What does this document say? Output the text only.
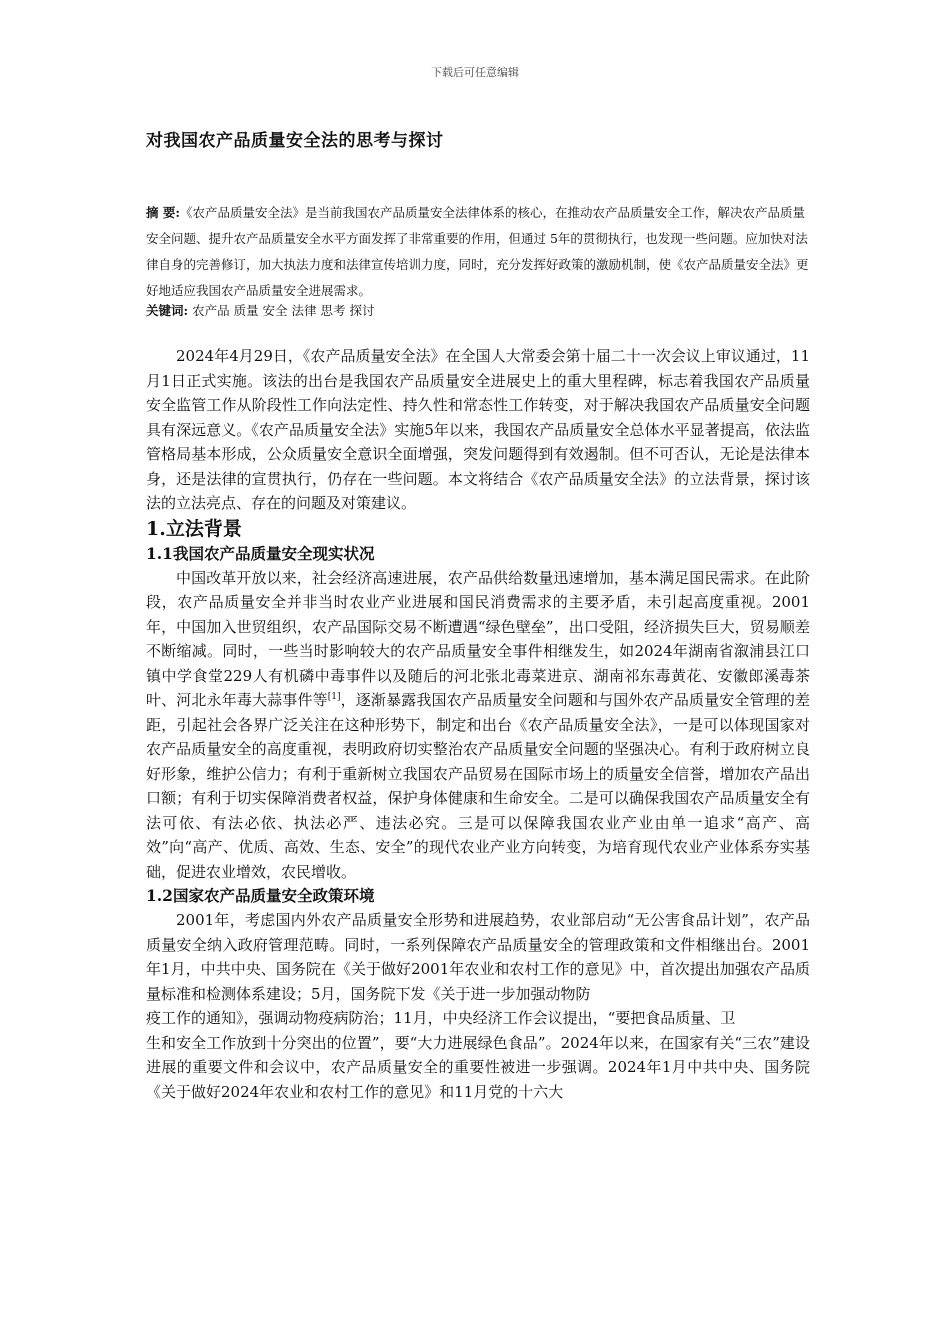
下载后可任意编辑
对我国农产品质量安全法的思考与探讨
摘 要:《农产品质量安全法》是当前我国农产品质量安全法律体系的核心，在推动农产品质量安全工作，解决农产品质量安全问题、提升农产品质量安全水平方面发挥了非常重要的作用，但通过 5年的贯彻执行，也发现一些问题。应加快对法律自身的完善修订，加大执法力度和法律宣传培训力度，同时，充分发挥好政策的激励机制，使《农产品质量安全法》更好地适应我国农产品质量安全进展需求。
关键词: 农产品 质量 安全 法律 思考 探讨

2024年4月29日，《农产品质量安全法》在全国人大常委会第十届二十一次会议上审议通过，11月1日正式实施。该法的出台是我国农产品质量安全进展史上的重大里程碑，标志着我国农产品质量安全监管工作从阶段性工作向法定性、持久性和常态性工作转变，对于解决我国农产品质量安全问题具有深远意义。《农产品质量安全法》实施5年以来，我国农产品质量安全总体水平显著提高，依法监管格局基本形成，公众质量安全意识全面增强，突发问题得到有效遏制。但不可否认，无论是法律本身，还是法律的宣贯执行，仍存在一些问题。本文将结合《农产品质量安全法》的立法背景，探讨该法的立法亮点、存在的问题及对策建议。

1.立法背景
1.1我国农产品质量安全现实状况

中国改革开放以来，社会经济高速进展，农产品供给数量迅速增加，基本满足国民需求。在此阶段，农产品质量安全并非当时农业产业进展和国民消费需求的主要矛盾，未引起高度重视。2001年，中国加入世贸组织，农产品国际交易不断遭遇“绿色壁垒”，出口受阻，经济损失巨大，贸易顺差不断缩减。同时，一些当时影响较大的农产品质量安全事件相继发生，如2024年湖南省溆浦县江口镇中学食堂229人有机磷中毒事件以及随后的河北张北毒菜进京、湖南祁东毒黄花、安徽郎溪毒茶叶、河北永年毒大蒜事件等[1]，逐渐暴露我国农产品质量安全问题和与国外农产品质量安全管理的差距，引起社会各界广泛关注在这种形势下，制定和出台《农产品质量安全法》，一是可以体现国家对农产品质量安全的高度重视，表明政府切实整治农产品质量安全问题的坚强决心。有利于政府树立良好形象，维护公信力；有利于重新树立我国农产品贸易在国际市场上的质量安全信誉，增加农产品出口额；有利于切实保障消费者权益，保护身体健康和生命安全。二是可以确保我国农产品质量安全有法可依、有法必依、执法必严、违法必究。三是可以保障我国农业产业由单一追求“高产、高效”向“高产、优质、高效、生态、安全”的现代农业产业方向转变，为培育现代农业产业体系夯实基础，促进农业增效，农民增收。

1.2国家农产品质量安全政策环境

2001年，考虑国内外农产品质量安全形势和进展趋势，农业部启动“无公害食品计划”，农产品质量安全纳入政府管理范畴。同时，一系列保障农产品质量安全的管理政策和文件相继出台。2001年1月，中共中央、国务院在《关于做好2001年农业和农村工作的意见》中，首次提出加强农产品质量标准和检测体系建设；5月，国务院下发《关于进一步加强动物防

疫工作的通知》，强调动物疫病防治；11月，中央经济工作会议提出，“要把食品质量、卫

生和安全工作放到十分突出的位置”，要“大力进展绿色食品”。2024年以来，在国家有关“三农”建设进展的重要文件和会议中，农产品质量安全的重要性被进一步强调。2024年1月中共中央、国务院《关于做好2024年农业和农村工作的意见》和11月党的十六大
